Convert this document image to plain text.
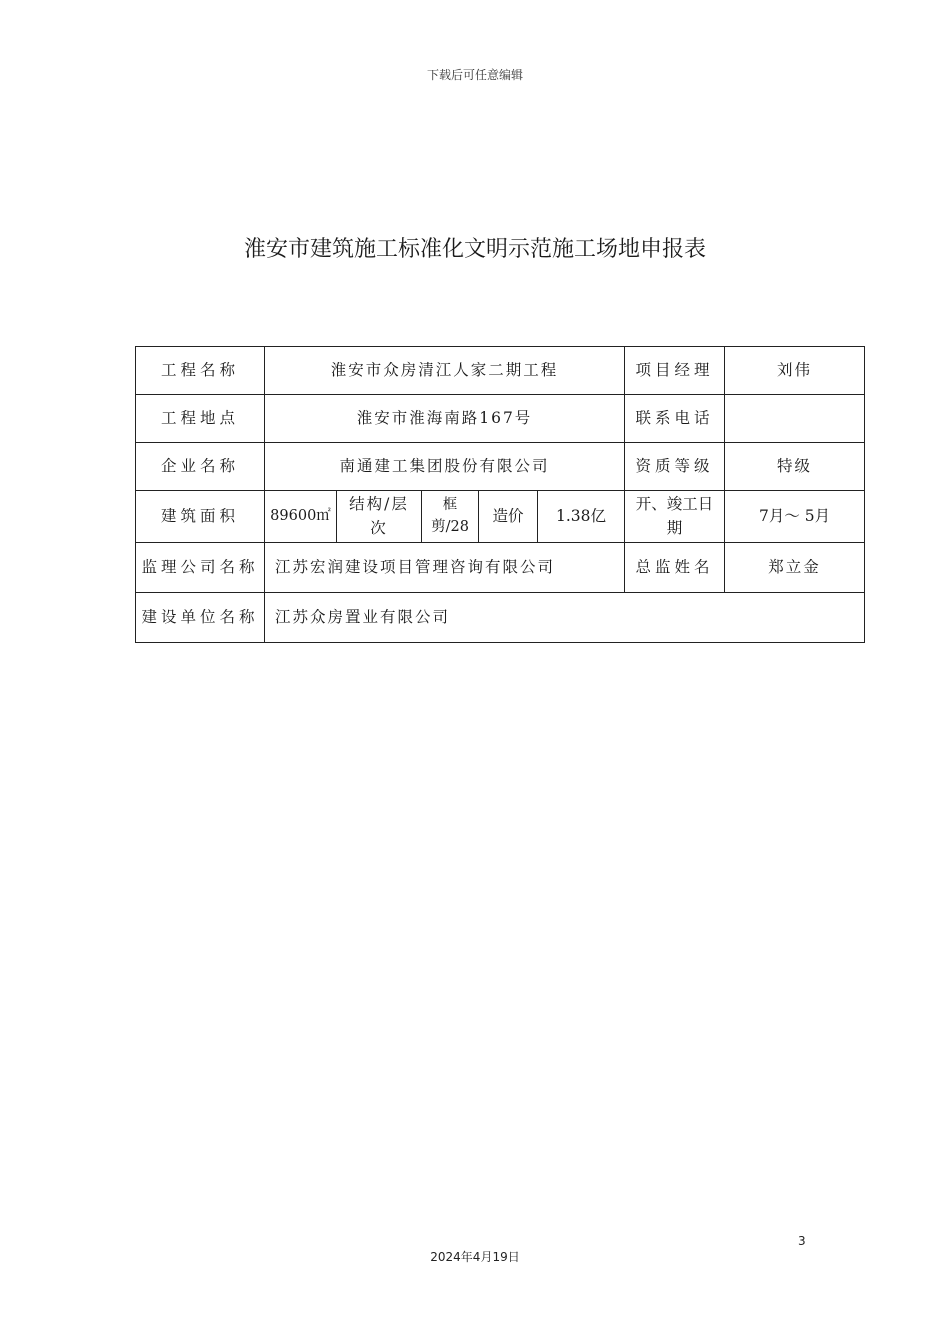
下载后可任意编辑
淮安市建筑施工标准化文明示范施工场地申报表
工程名称	淮安市众房清江人家二期工程					项目经理	刘伟
工程地点	淮安市淮海南路167号					联系电话	
企业名称	南通建工集团股份有限公司					资质等级	特级
建筑面积	89600㎡	结构/层次	框剪/28	造价	1.38亿	开、竣工日期	7月～ 5月
监理公司名称	江苏宏润建设项目管理咨询有限公司					总监姓名	郑立金
建设单位名称	江苏众房置业有限公司						
3
2024年4月19日
